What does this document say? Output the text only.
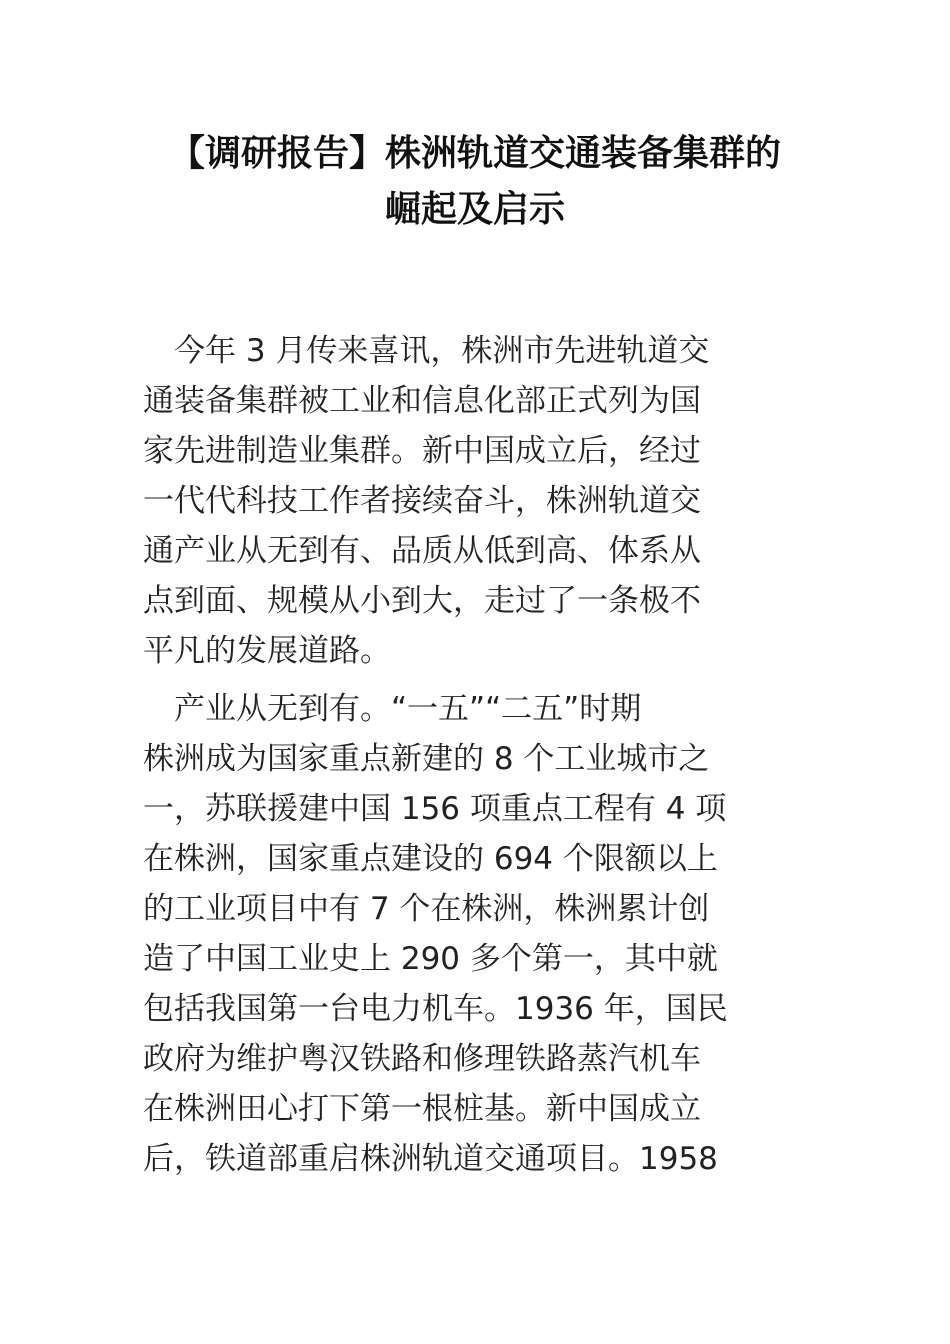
【调研报告】株洲轨道交通装备集群的
崛起及启示

　今年 3 月传来喜讯，株洲市先进轨道交
通装备集群被工业和信息化部正式列为国
家先进制造业集群。新中国成立后，经过
一代代科技工作者接续奋斗，株洲轨道交
通产业从无到有、品质从低到高、体系从
点到面、规模从小到大，走过了一条极不
平凡的发展道路。

　产业从无到有。“一五”“二五”时期
株洲成为国家重点新建的 8 个工业城市之
一，苏联援建中国 156 项重点工程有 4 项
在株洲，国家重点建设的 694 个限额以上
的工业项目中有 7 个在株洲，株洲累计创
造了中国工业史上 290 多个第一，其中就
包括我国第一台电力机车。1936 年，国民
政府为维护粤汉铁路和修理铁路蒸汽机车
在株洲田心打下第一根桩基。新中国成立
后，铁道部重启株洲轨道交通项目。1958
